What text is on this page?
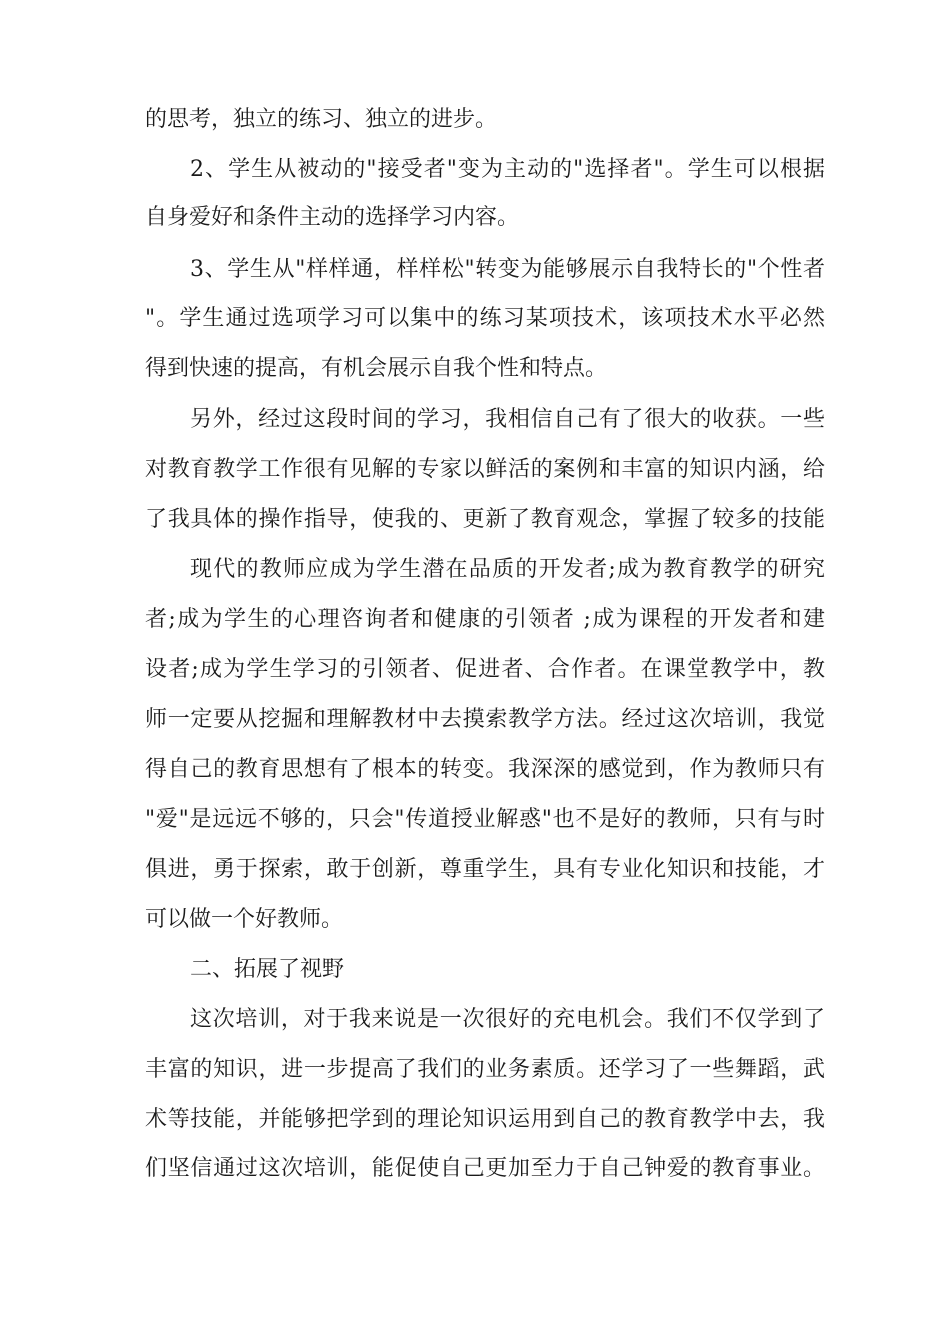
的思考，独立的练习、独立的进步。
2、学生从被动的"接受者"变为主动的"选择者"。学生可以根据
自身爱好和条件主动的选择学习内容。
3、学生从"样样通，样样松"转变为能够展示自我特长的"个性者
"。学生通过选项学习可以集中的练习某项技术，该项技术水平必然
得到快速的提高，有机会展示自我个性和特点。
另外，经过这段时间的学习，我相信自己有了很大的收获。一些
对教育教学工作很有见解的专家以鲜活的案例和丰富的知识内涵，给
了我具体的操作指导，使我的、更新了教育观念，掌握了较多的技能
现代的教师应成为学生潜在品质的开发者;成为教育教学的研究
者;成为学生的心理咨询者和健康的引领者 ;成为课程的开发者和建
设者;成为学生学习的引领者、促进者、合作者。在课堂教学中，教
师一定要从挖掘和理解教材中去摸索教学方法。经过这次培训，我觉
得自己的教育思想有了根本的转变。我深深的感觉到，作为教师只有
"爱"是远远不够的，只会"传道授业解惑"也不是好的教师，只有与时
俱进，勇于探索，敢于创新，尊重学生，具有专业化知识和技能，才
可以做一个好教师。
二、拓展了视野
这次培训，对于我来说是一次很好的充电机会。我们不仅学到了
丰富的知识，进一步提高了我们的业务素质。还学习了一些舞蹈，武
术等技能，并能够把学到的理论知识运用到自己的教育教学中去，我
们坚信通过这次培训，能促使自己更加至力于自己钟爱的教育事业。
